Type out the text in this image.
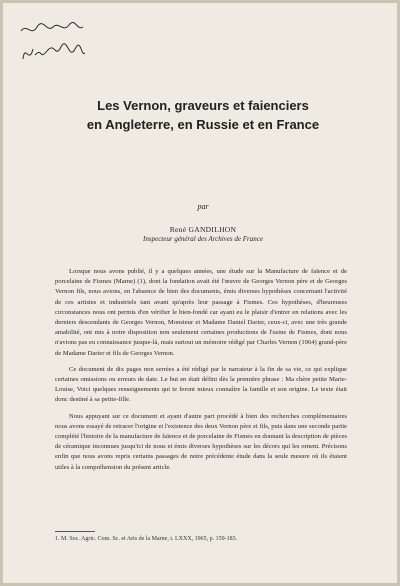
Les Vernon, graveurs et faienciers
en Angleterre, en Russie et en France
par
René GANDILHON
Inspecteur général des Archives de France

Lorsque nous avons publié, il y a quelques années, une étude sur la Manufacture de faïence et de porcelaine de Fismes (Marne) (1), dont la fondation avait été l'œuvre de Georges Vernon père et de Georges Vernon fils, nous avions, en l'absence de bien des documents, émis diverses hypothèses concernant l'activité de ces artistes et industriels tant avant qu'après leur passage à Fismes. Ces hypothèses, d'heureuses circonstances nous ont permis d'en vérifier le bien-fondé car ayant eu le plaisir d'entrer en relations avec les derniers descendants de Georges Vernon, Monsieur et Madame Daniel Darier, ceux-ci, avec une très grande amabilité, ont mis à notre disposition non seulement certaines productions de l'usine de Fismes, dont nous n'avions pas eu connaissance jusque-là, mais surtout un mémoire rédigé par Charles Vernon (1964) grand-père de Madame Darier et fils de Georges Vernon.

Ce document de dix pages non serrées a été rédigé par le narrateur à la fin de sa vie, ce qui explique certaines omissions ou erreurs de date. Le but en était défini dès la première phrase : Ma chère petite Marie-Louise, Voici quelques renseignements qui te feront mieux connaître la famille et son origine. Le texte était donc destiné à sa petite-fille.

Nous appuyant sur ce document et ayant d'autre part procédé à bien des recherches complémentaires nous avons essayé de retracer l'origine et l'existence des deux Vernon père et fils, puis dans une seconde partie complété l'histoire de la manufacture de faïence et de porcelaine de Fismes en donnant la description de pièces de céramique inconnues jusqu'ici de nous et émis diverses hypothèses sur les décors qui les ornent. Précisons enfin que nous avons repris certains passages de notre précédente étude dans la seule mesure où ils étaient utiles à la compréhension du présent article.

1. M. Soc. Agric. Com. Sc. et Arts de la Marne, t. LXXX, 1965, p. 159-183.
